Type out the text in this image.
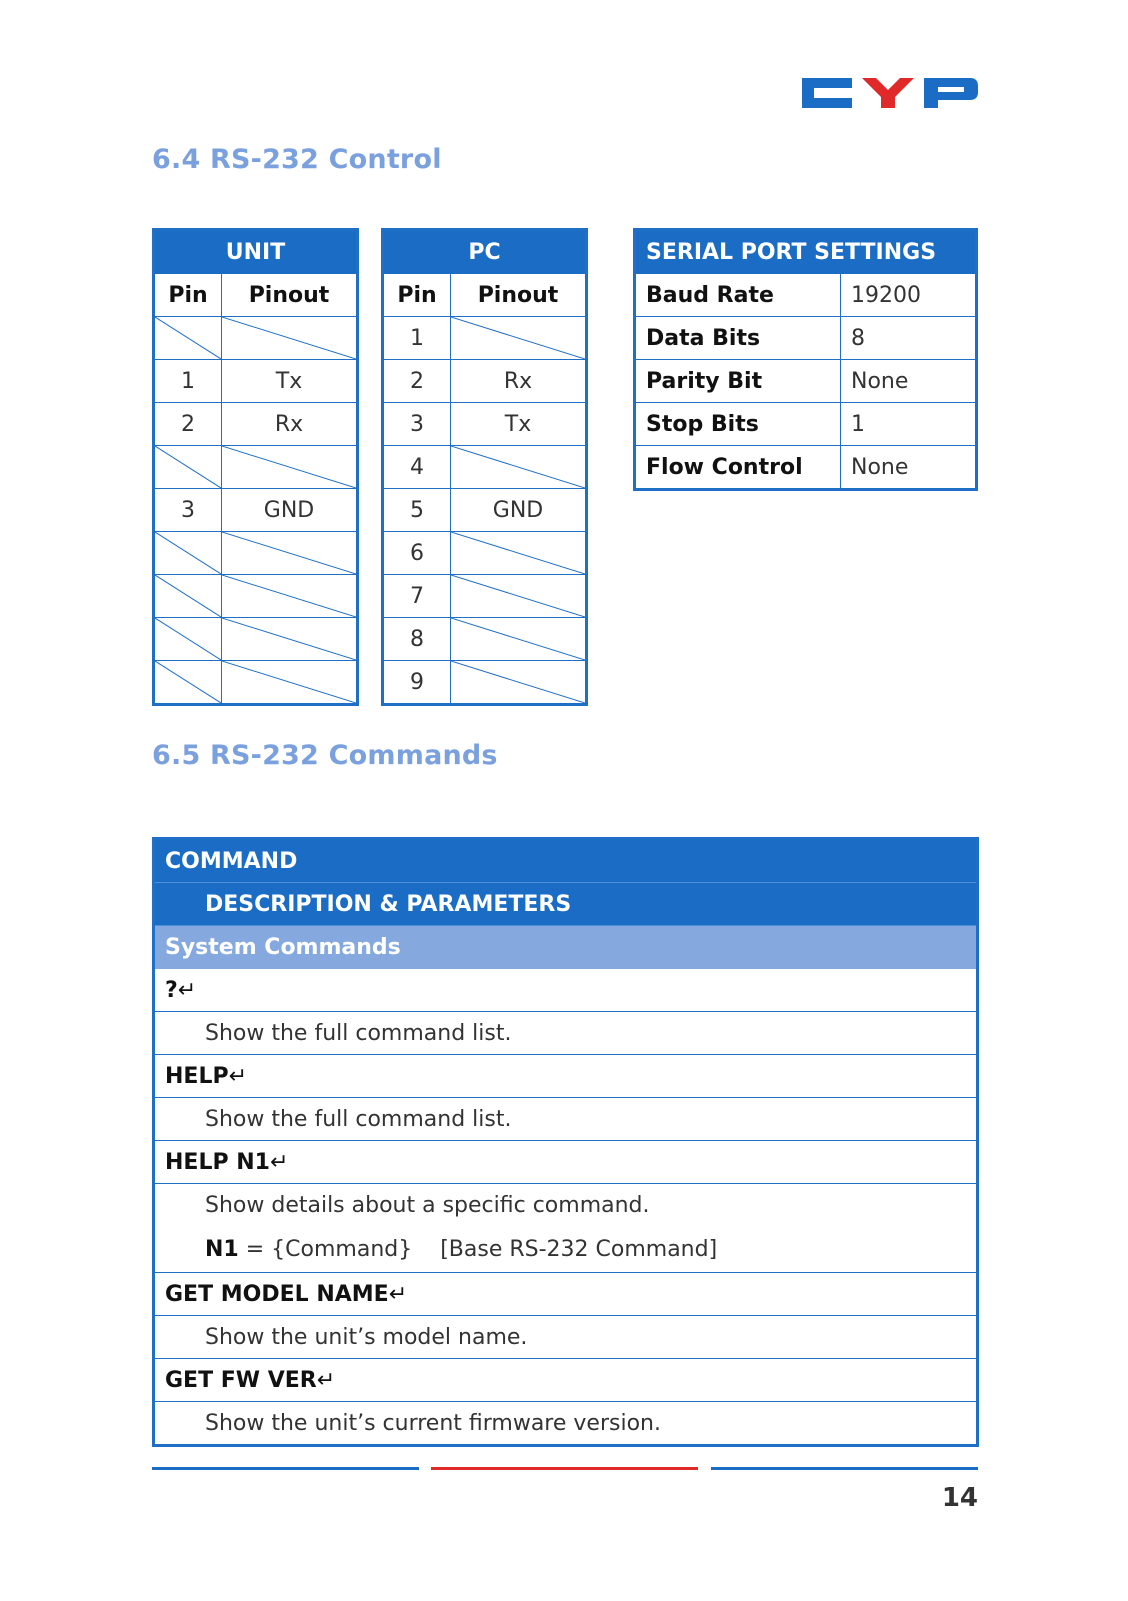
6.4 RS-232 Control
UNIT	
Pin	Pinout

1	Tx
2	Rx

3	GND

PC	
Pin	Pinout
1	

2	Rx
3	Tx
4	

5	GND
6	

7	

8	

9	
SERIAL PORT SETTINGS	
Baud Rate	19200
Data Bits	8
Parity Bit	None
Stop Bits	1
Flow Control	None
6.5 RS-232 Commands
COMMAND
DESCRIPTION & PARAMETERS
System Commands
?↵

Show the full command list.

HELP↵

Show the full command list.

HELP N1↵

Show details about a specific command.
N1 = {Command}    [Base RS-232 Command]

GET MODEL NAME↵

Show the unit’s model name.

GET FW VER↵

Show the unit’s current firmware version.
14
